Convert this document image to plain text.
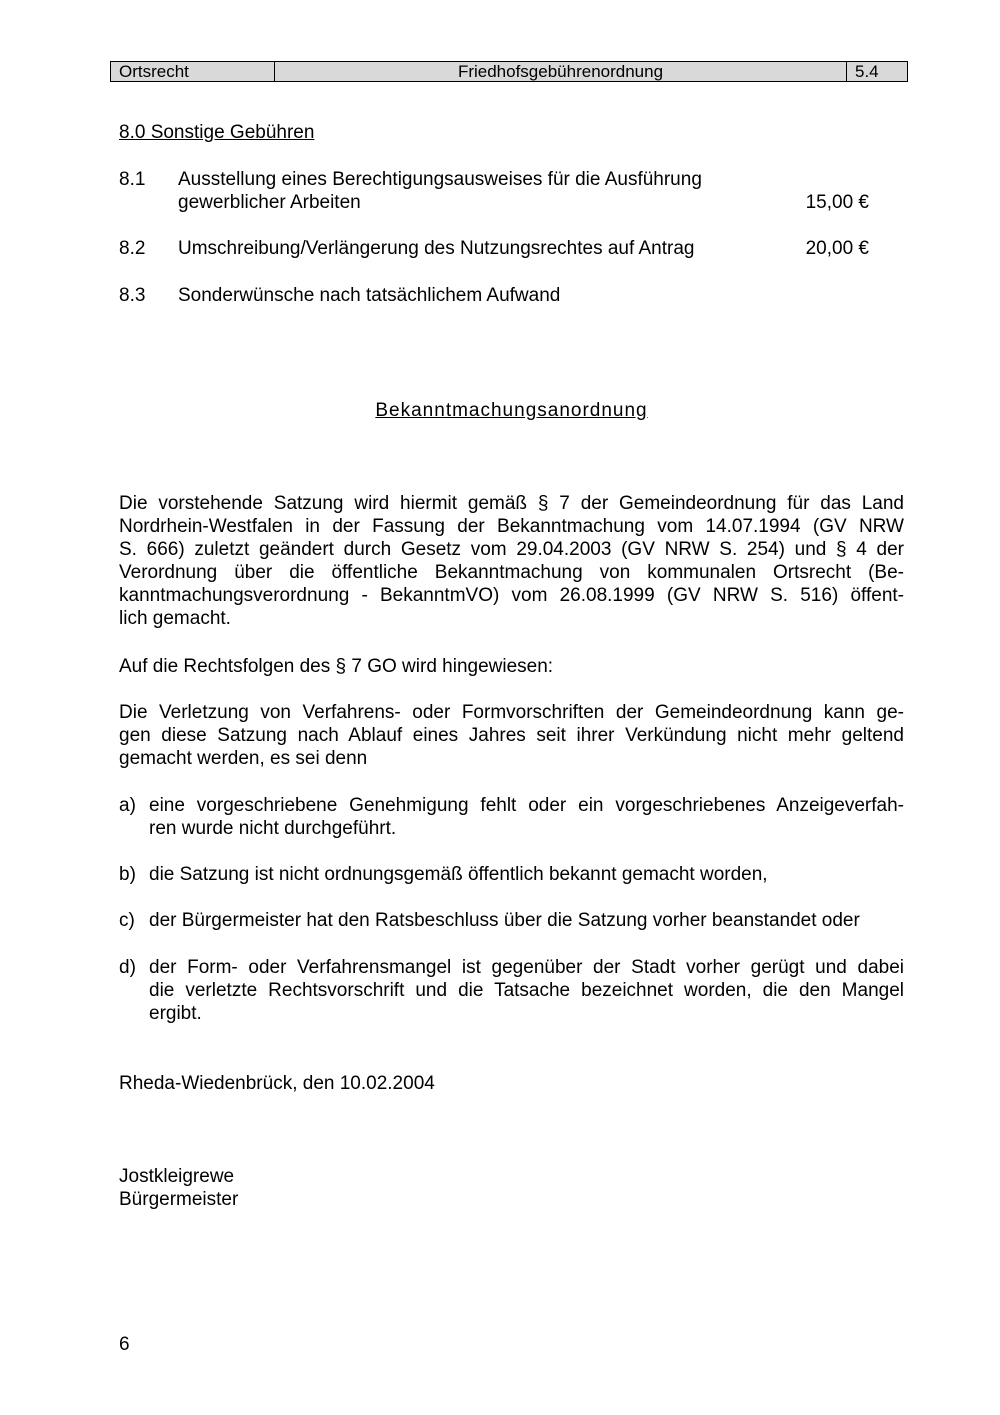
Ortsrecht	Friedhofsgebührenordnung	5.4
8.0 Sonstige Gebühren
8.1 Ausstellung eines Berechtigungsausweises für die Ausführung
gewerblicher Arbeiten	15,00 €
8.2 Umschreibung/Verlängerung des Nutzungsrechtes auf Antrag	20,00 €
8.3 Sonderwünsche nach tatsächlichem Aufwand
Bekanntmachungsanordnung
Die vorstehende Satzung wird hiermit gemäß § 7 der Gemeindeordnung für das Land
Nordrhein-Westfalen in der Fassung der Bekanntmachung vom 14.07.1994 (GV NRW
S. 666) zuletzt geändert durch Gesetz vom 29.04.2003 (GV NRW S. 254) und § 4 der
Verordnung über die öffentliche Bekanntmachung von kommunalen Ortsrecht (Be-
kanntmachungsverordnung - BekanntmVO) vom 26.08.1999 (GV NRW S. 516) öffent-
lich gemacht.
Auf die Rechtsfolgen des § 7 GO wird hingewiesen:
Die Verletzung von Verfahrens- oder Formvorschriften der Gemeindeordnung kann ge-
gen diese Satzung nach Ablauf eines Jahres seit ihrer Verkündung nicht mehr geltend
gemacht werden, es sei denn
a) eine vorgeschriebene Genehmigung fehlt oder ein vorgeschriebenes Anzeigeverfah-
ren wurde nicht durchgeführt.
b) die Satzung ist nicht ordnungsgemäß öffentlich bekannt gemacht worden,
c) der Bürgermeister hat den Ratsbeschluss über die Satzung vorher beanstandet oder
d) der Form- oder Verfahrensmangel ist gegenüber der Stadt vorher gerügt und dabei
die verletzte Rechtsvorschrift und die Tatsache bezeichnet worden, die den Mangel
ergibt.
Rheda-Wiedenbrück, den 10.02.2004
Jostkleigrewe
Bürgermeister
6
